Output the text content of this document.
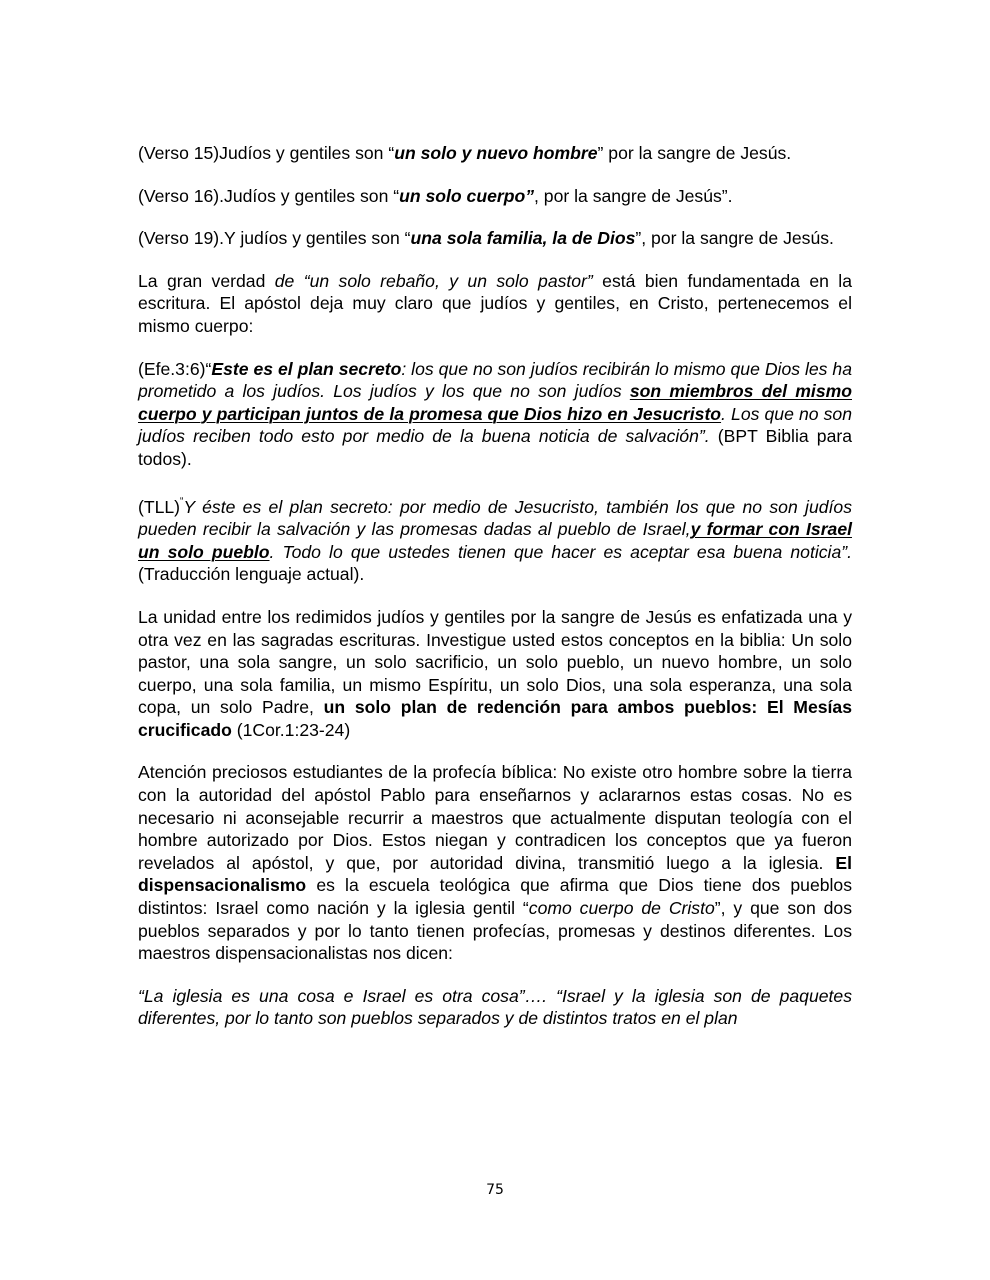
(Verso 15)Judíos y gentiles son “un solo y nuevo hombre” por la sangre de Jesús.

(Verso 16).Judíos y gentiles son “un solo cuerpo”, por la sangre de Jesús”.

(Verso 19).Y judíos y gentiles son “una sola familia, la de Dios”, por la sangre de Jesús.

La gran verdad de “un solo rebaño, y un solo pastor” está bien fundamentada en la escritura. El apóstol deja muy claro que judíos y gentiles, en Cristo, pertenecemos el mismo cuerpo:

(Efe.3:6)“Este es el plan secreto: los que no son judíos recibirán lo mismo que Dios les ha prometido a los judíos. Los judíos y los que no son judíos son miembros del mismo cuerpo y participan juntos de la promesa que Dios hizo en Jesucristo. Los que no son judíos reciben todo esto por medio de la buena noticia de salvación”. (BPT Biblia para todos).

(TLL)“Y éste es el plan secreto: por medio de Jesucristo, también los que no son judíos pueden recibir la salvación y las promesas dadas al pueblo de Israel,y formar con Israel un solo pueblo. Todo lo que ustedes tienen que hacer es aceptar esa buena noticia”. (Traducción lenguaje actual).

La unidad entre los redimidos judíos y gentiles por la sangre de Jesús es enfatizada una y otra vez en las sagradas escrituras. Investigue usted estos conceptos en la biblia: Un solo pastor, una sola sangre, un solo sacrificio, un solo pueblo, un nuevo hombre, un solo cuerpo, una sola familia, un mismo Espíritu, un solo Dios, una sola esperanza, una sola copa, un solo Padre, un solo plan de redención para ambos pueblos: El Mesías crucificado (1Cor.1:23-24)

Atención preciosos estudiantes de la profecía bíblica: No existe otro hombre sobre la tierra con la autoridad del apóstol Pablo para enseñarnos y aclararnos estas cosas. No es necesario ni aconsejable recurrir a maestros que actualmente disputan teología con el hombre autorizado por Dios. Estos niegan y contradicen los conceptos que ya fueron revelados al apóstol, y que, por autoridad divina, transmitió luego a la iglesia. El dispensacionalismo es la escuela teológica que afirma que Dios tiene dos pueblos distintos: Israel como nación y la iglesia gentil “como cuerpo de Cristo”, y que son dos pueblos separados y por lo tanto tienen profecías, promesas y destinos diferentes. Los maestros dispensacionalistas nos dicen:

“La iglesia es una cosa e Israel es otra cosa”…. “Israel y la iglesia son de paquetes diferentes, por lo tanto son pueblos separados y de distintos tratos en el plan

75
